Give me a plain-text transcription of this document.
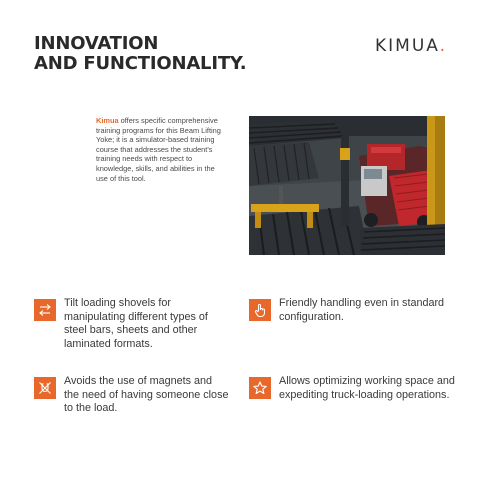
INNOVATION
AND FUNCTIONALITY.
KIMUA.

Kimua offers specific comprehensive training programs for this Beam Lifting Yoke; it is a simulator-based training course that addresses the student's training needs with respect to knowledge, skills, and abilities in the use of this tool.

Tilt loading shovels for manipulating different types of steel bars, sheets and other laminated formats.

Friendly handling even in standard configuration.

Avoids the use of magnets and the need of having someone close to the load.

Allows optimizing working space and expediting truck-loading operations.
